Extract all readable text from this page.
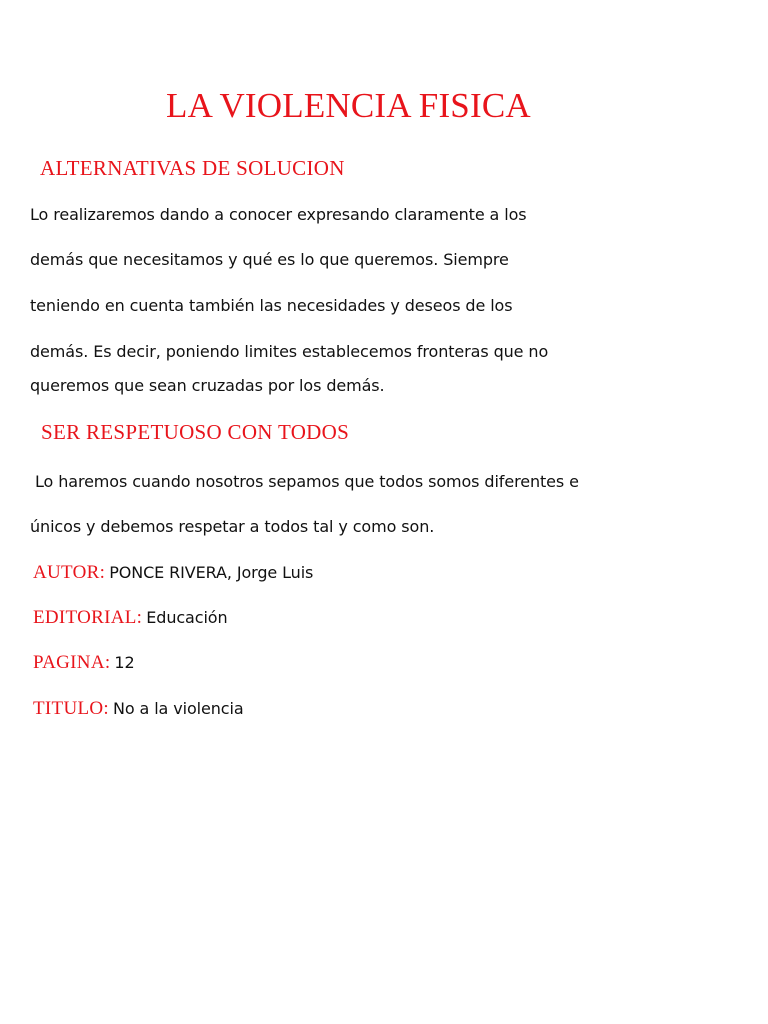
LA VIOLENCIA FISICA
ALTERNATIVAS DE SOLUCION

Lo realizaremos dando a conocer expresando claramente a los

demás que necesitamos y qué es lo que queremos. Siempre

teniendo en cuenta también las necesidades y deseos de los

demás. Es decir, poniendo limites establecemos fronteras que no

queremos que sean cruzadas por los demás.

SER RESPETUOSO CON TODOS

Lo haremos cuando nosotros sepamos que todos somos diferentes e

únicos y debemos respetar a todos tal y como son.

AUTOR: PONCE RIVERA, Jorge Luis

EDITORIAL: Educación

PAGINA: 12

TITULO: No a la violencia
